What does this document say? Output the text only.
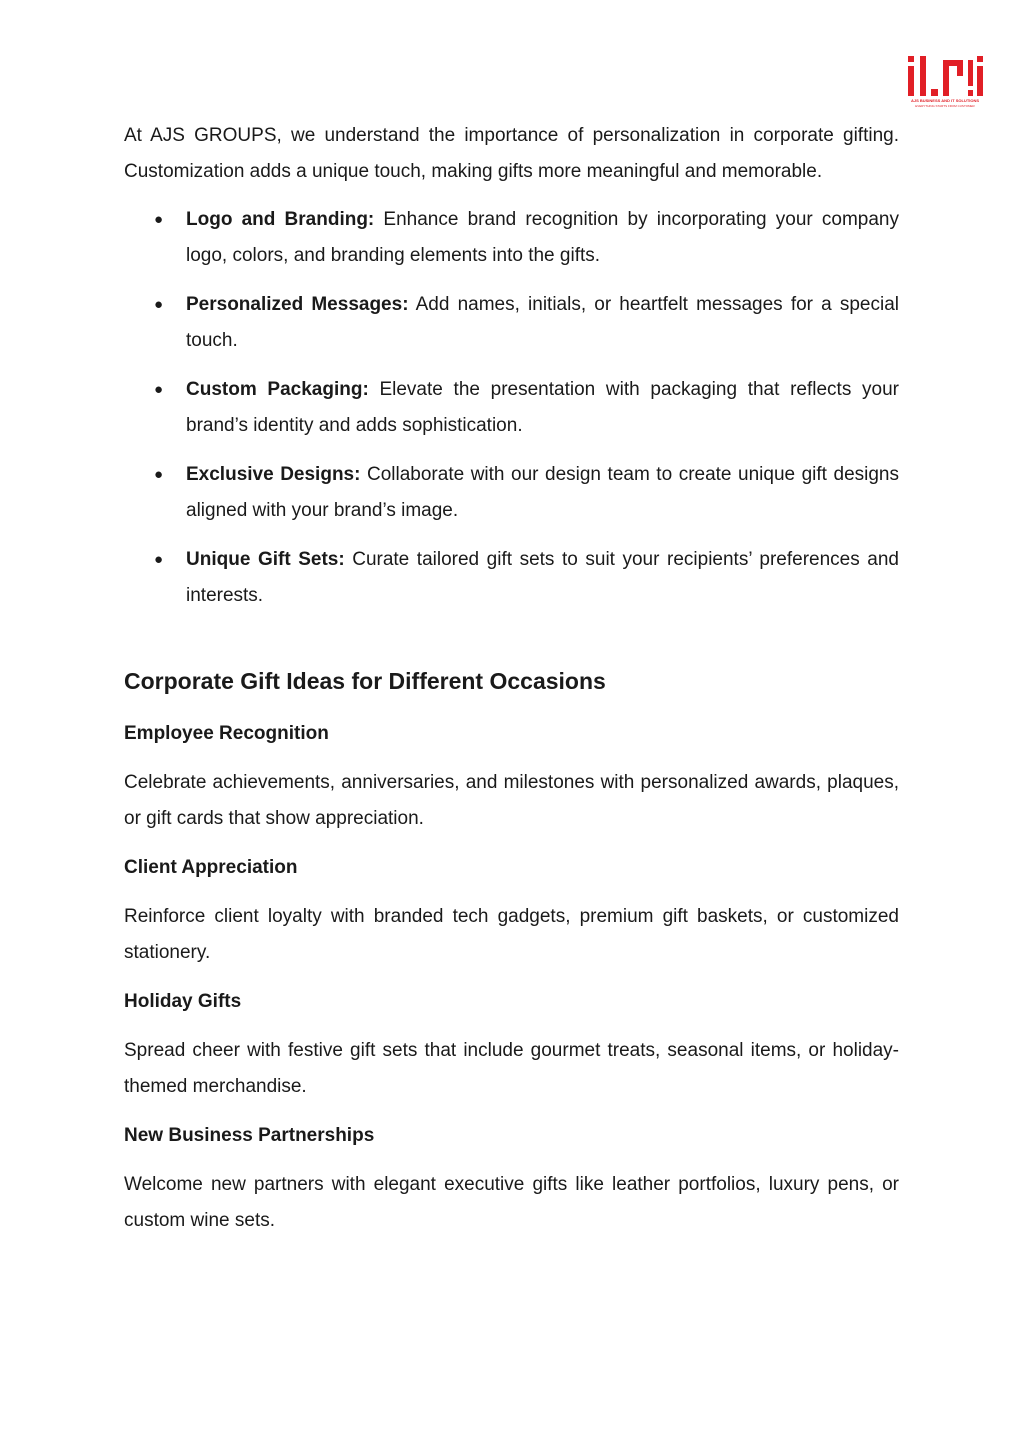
AJS BUSINESS AND IT SOLUTIONS
EVERYTHING STARTS FROM CUSTOMER

At AJS GROUPS, we understand the importance of personalization in corporate gifting. Customization adds a unique touch, making gifts more meaningful and memorable.

● Logo and Branding: Enhance brand recognition by incorporating your company logo, colors, and branding elements into the gifts.
● Personalized Messages: Add names, initials, or heartfelt messages for a special touch.
● Custom Packaging: Elevate the presentation with packaging that reflects your brand’s identity and adds sophistication.
● Exclusive Designs: Collaborate with our design team to create unique gift designs aligned with your brand’s image.
● Unique Gift Sets: Curate tailored gift sets to suit your recipients’ preferences and interests.
Corporate Gift Ideas for Different Occasions
Employee Recognition

Celebrate achievements, anniversaries, and milestones with personalized awards, plaques, or gift cards that show appreciation.

Client Appreciation

Reinforce client loyalty with branded tech gadgets, premium gift baskets, or customized stationery.

Holiday Gifts

Spread cheer with festive gift sets that include gourmet treats, seasonal items, or holiday-themed merchandise.

New Business Partnerships

Welcome new partners with elegant executive gifts like leather portfolios, luxury pens, or custom wine sets.
